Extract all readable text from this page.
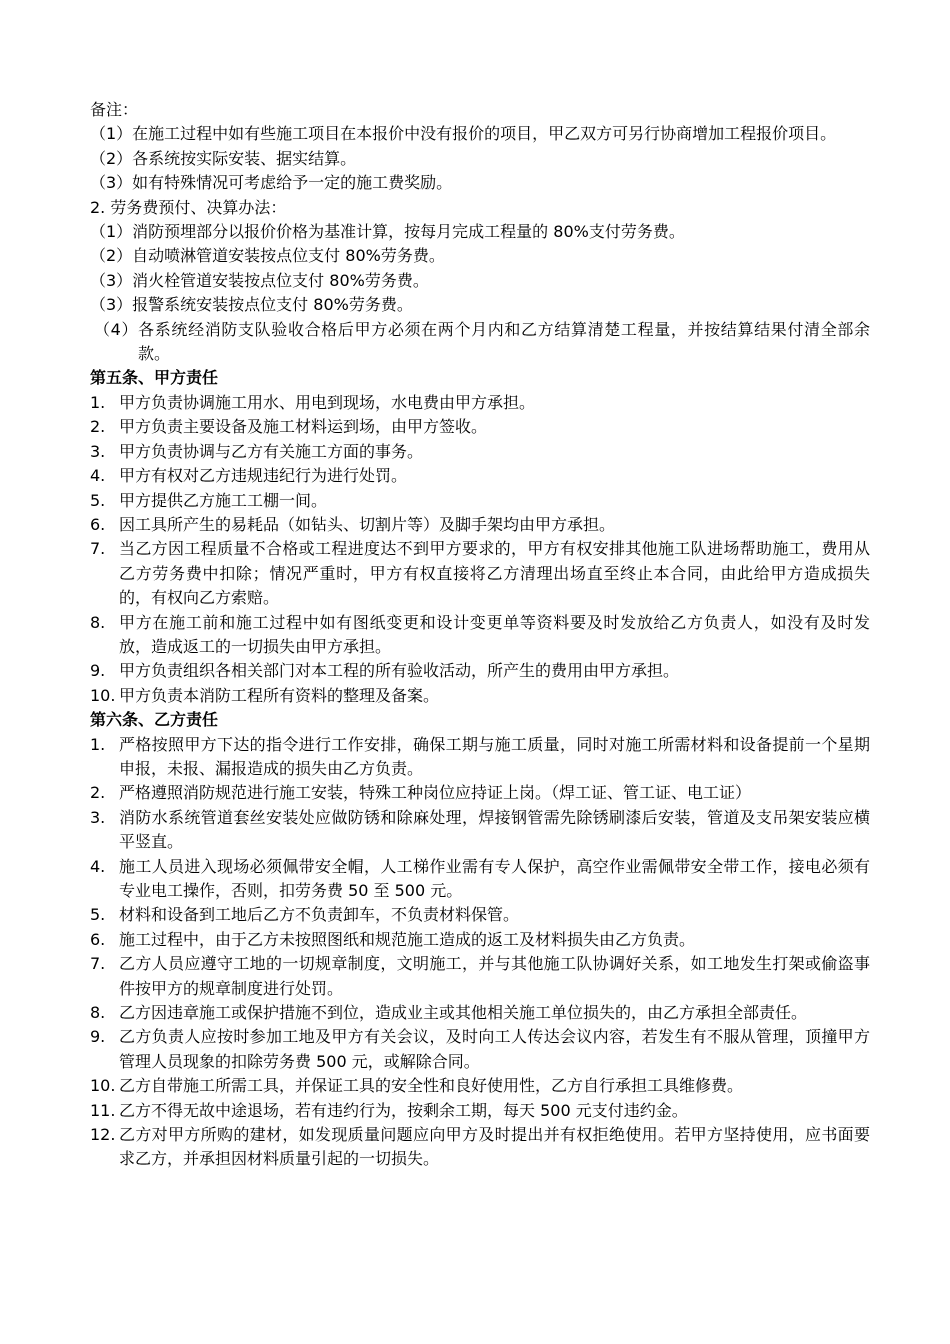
备注：

（1）在施工过程中如有些施工项目在本报价中没有报价的项目，甲乙双方可另行协商增加工程报价项目。

（2）各系统按实际安装、据实结算。

（3）如有特殊情况可考虑给予一定的施工费奖励。

2. 劳务费预付、决算办法：

（1）消防预埋部分以报价价格为基准计算，按每月完成工程量的 80%支付劳务费。

（2）自动喷淋管道安装按点位支付 80%劳务费。

（3）消火栓管道安装按点位支付 80%劳务费。

（3）报警系统安装按点位支付 80%劳务费。

（4）各系统经消防支队验收合格后甲方必须在两个月内和乙方结算清楚工程量，并按结算结果付清全部余款。

第五条、甲方责任

1. 甲方负责协调施工用水、用电到现场，水电费由甲方承担。
2. 甲方负责主要设备及施工材料运到场，由甲方签收。
3. 甲方负责协调与乙方有关施工方面的事务。
4. 甲方有权对乙方违规违纪行为进行处罚。
5. 甲方提供乙方施工工棚一间。
6. 因工具所产生的易耗品（如钻头、切割片等）及脚手架均由甲方承担。
7. 当乙方因工程质量不合格或工程进度达不到甲方要求的，甲方有权安排其他施工队进场帮助施工，费用从乙方劳务费中扣除；情况严重时，甲方有权直接将乙方清理出场直至终止本合同，由此给甲方造成损失的，有权向乙方索赔。
8. 甲方在施工前和施工过程中如有图纸变更和设计变更单等资料要及时发放给乙方负责人，如没有及时发放，造成返工的一切损失由甲方承担。
9. 甲方负责组织各相关部门对本工程的所有验收活动，所产生的费用由甲方承担。
10. 甲方负责本消防工程所有资料的整理及备案。

第六条、乙方责任

1. 严格按照甲方下达的指令进行工作安排，确保工期与施工质量，同时对施工所需材料和设备提前一个星期申报，未报、漏报造成的损失由乙方负责。
2. 严格遵照消防规范进行施工安装，特殊工种岗位应持证上岗。（焊工证、管工证、电工证）
3. 消防水系统管道套丝安装处应做防锈和除麻处理，焊接钢管需先除锈刷漆后安装，管道及支吊架安装应横平竖直。
4. 施工人员进入现场必须佩带安全帽，人工梯作业需有专人保护，高空作业需佩带安全带工作，接电必须有专业电工操作，否则，扣劳务费 50 至 500 元。
5. 材料和设备到工地后乙方不负责卸车，不负责材料保管。
6. 施工过程中，由于乙方未按照图纸和规范施工造成的返工及材料损失由乙方负责。
7. 乙方人员应遵守工地的一切规章制度，文明施工，并与其他施工队协调好关系，如工地发生打架或偷盗事件按甲方的规章制度进行处罚。
8. 乙方因违章施工或保护措施不到位，造成业主或其他相关施工单位损失的，由乙方承担全部责任。
9. 乙方负责人应按时参加工地及甲方有关会议，及时向工人传达会议内容，若发生有不服从管理，顶撞甲方管理人员现象的扣除劳务费 500 元，或解除合同。
10. 乙方自带施工所需工具，并保证工具的安全性和良好使用性，乙方自行承担工具维修费。
11. 乙方不得无故中途退场，若有违约行为，按剩余工期，每天 500 元支付违约金。
12. 乙方对甲方所购的建材，如发现质量问题应向甲方及时提出并有权拒绝使用。若甲方坚持使用，应书面要求乙方，并承担因材料质量引起的一切损失。
